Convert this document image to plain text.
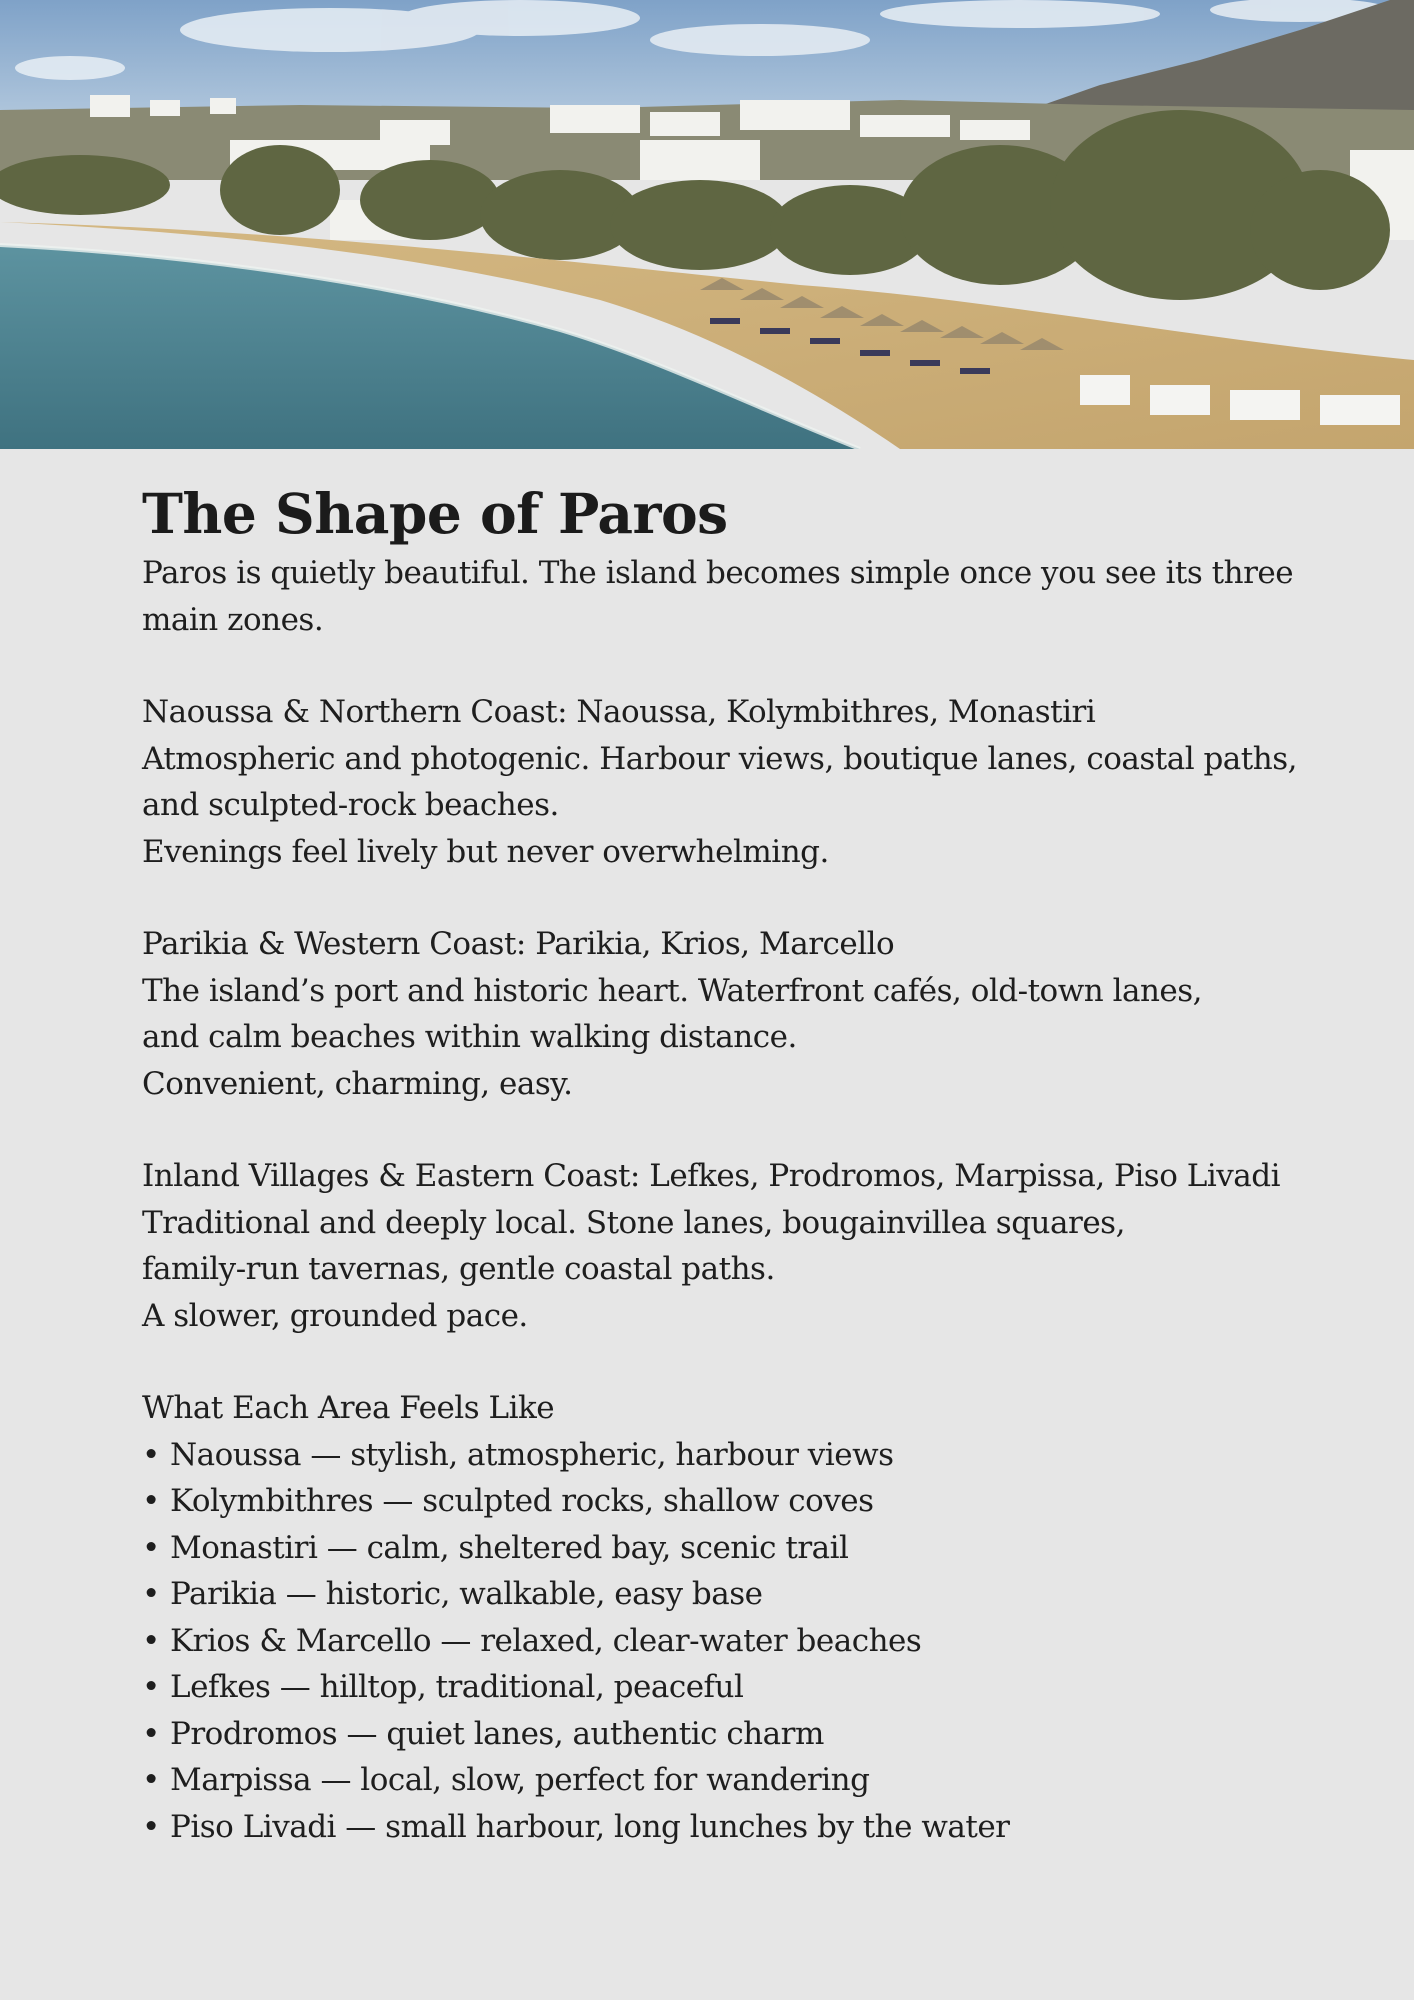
The Shape of Paros
Paros is quietly beautiful. The island becomes simple once you see its three
main zones.
Naoussa & Northern Coast: Naoussa, Kolymbithres, Monastiri
Atmospheric and photogenic. Harbour views, boutique lanes, coastal paths,
and sculpted-rock beaches.
Evenings feel lively but never overwhelming.
Parikia & Western Coast: Parikia, Krios, Marcello
The island’s port and historic heart. Waterfront cafés, old-town lanes,
and calm beaches within walking distance.
Convenient, charming, easy.
Inland Villages & Eastern Coast: Lefkes, Prodromos, Marpissa, Piso Livadi
Traditional and deeply local. Stone lanes, bougainvillea squares,
family-run tavernas, gentle coastal paths.
A slower, grounded pace.
What Each Area Feels Like
• Naoussa — stylish, atmospheric, harbour views
• Kolymbithres — sculpted rocks, shallow coves
• Monastiri — calm, sheltered bay, scenic trail
• Parikia — historic, walkable, easy base
• Krios & Marcello — relaxed, clear-water beaches
• Lefkes — hilltop, traditional, peaceful
• Prodromos — quiet lanes, authentic charm
• Marpissa — local, slow, perfect for wandering
• Piso Livadi — small harbour, long lunches by the water
